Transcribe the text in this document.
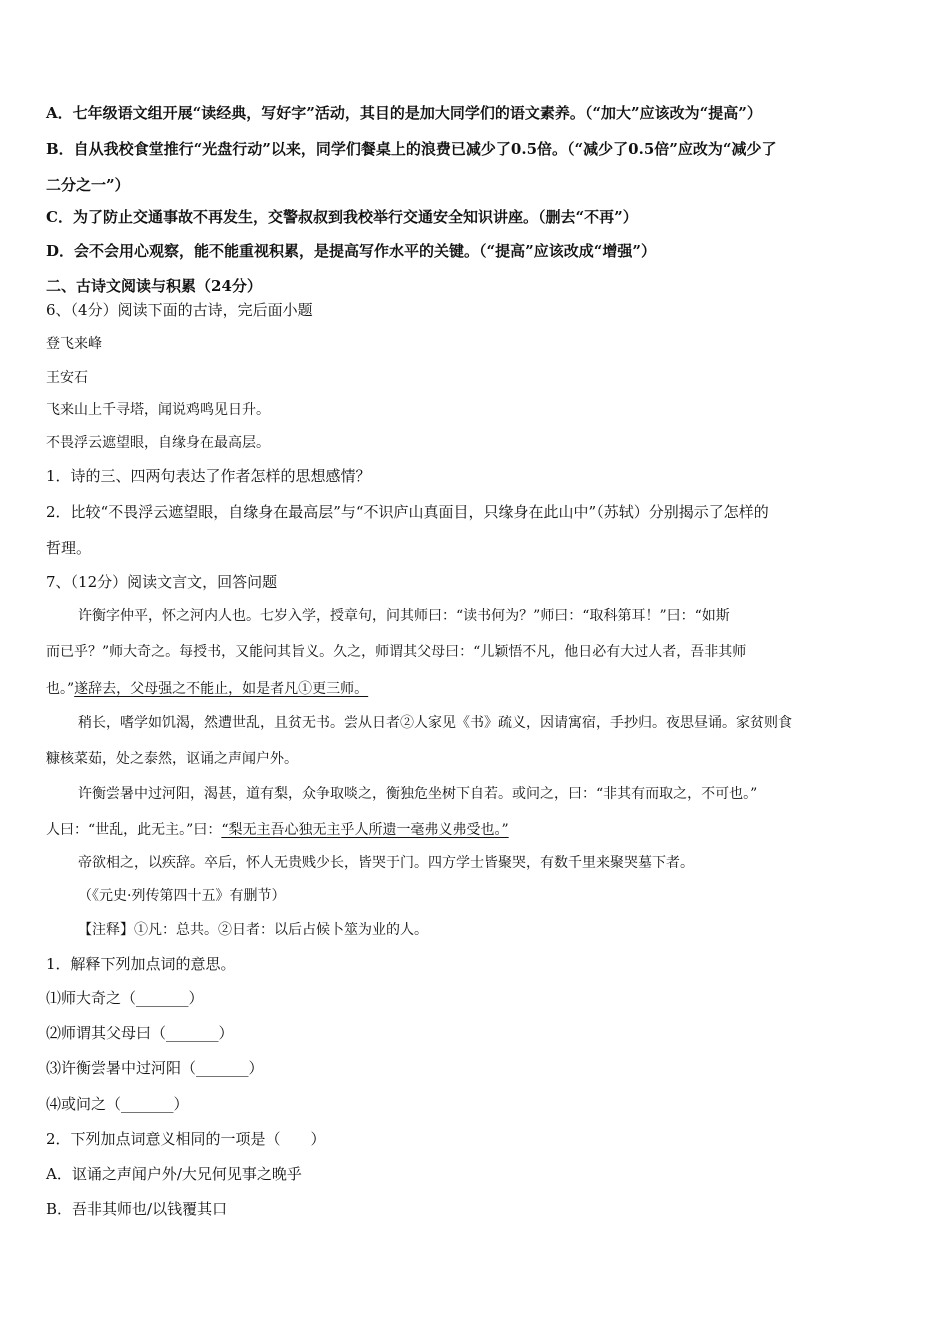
A．七年级语文组开展“读经典，写好字”活动，其目的是加大同学们的语文素养。（“加大”应该改为“提高”）
B．自从我校食堂推行“光盘行动”以来，同学们餐桌上的浪费已减少了0.5倍。（“减少了0.5倍”应改为“减少了
二分之一”）
C．为了防止交通事故不再发生，交警叔叔到我校举行交通安全知识讲座。（删去“不再”）
D．会不会用心观察，能不能重视积累，是提高写作水平的关键。（“提高”应该改成“增强”）
二、古诗文阅读与积累（24分）
6、（4分）阅读下面的古诗，完后面小题
登飞来峰
王安石
飞来山上千寻塔，闻说鸡鸣见日升。
不畏浮云遮望眼，自缘身在最高层。
1．诗的三、四两句表达了作者怎样的思想感情？
2．比较“不畏浮云遮望眼，自缘身在最高层”与“不识庐山真面目，只缘身在此山中”（苏轼）分别揭示了怎样的
哲理。
7、（12分）阅读文言文，回答问题
许衡字仲平，怀之河内人也。七岁入学，授章句，问其师曰：“读书何为？”师曰：“取科第耳！”曰：“如斯
而已乎？”师大奇之。每授书，又能问其旨义。久之，师谓其父母曰：“儿颖悟不凡，他日必有大过人者，吾非其师
也。”遂辞去，父母强之不能止，如是者凡①更三师。
稍长，嗜学如饥渴，然遭世乱，且贫无书。尝从日者②人家见《书》疏义，因请寓宿，手抄归。夜思昼诵。家贫则食
糠核菜茹，处之泰然，讴诵之声闻户外。
许衡尝暑中过河阳，渴甚，道有梨，众争取啖之，衡独危坐树下自若。或问之，曰：“非其有而取之，不可也。”
人曰：“世乱，此无主。”曰：“梨无主吾心独无主乎人所遗一毫弗义弗受也。”
帝欲相之，以疾辞。卒后，怀人无贵贱少长，皆哭于门。四方学士皆聚哭，有数千里来聚哭墓下者。
（《元史·列传第四十五》有删节）
【注释】①凡：总共。②日者：以后占候卜筮为业的人。
1．解释下列加点词的意思。
⑴师大奇之（_______）
⑵师谓其父母曰（_______）
⑶许衡尝暑中过河阳（_______）
⑷或问之（_______）
2．下列加点词意义相同的一项是（　　）
A．讴诵之声闻户外/大兄何见事之晚乎
B．吾非其师也/以钱覆其口
